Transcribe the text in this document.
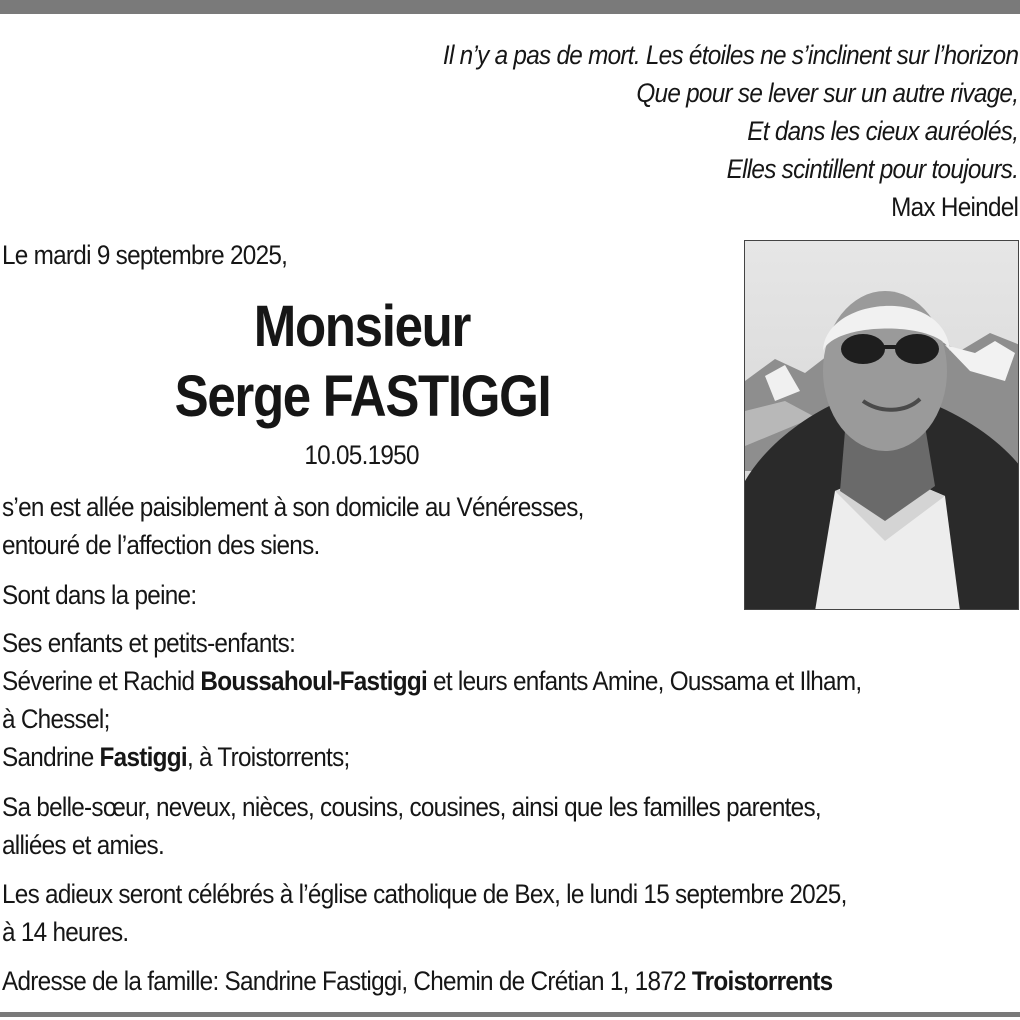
Il n’y a pas de mort. Les étoiles ne s’inclinent sur l’horizon
Que pour se lever sur un autre rivage,
Et dans les cieux auréolés,
Elles scintillent pour toujours.
Max Heindel
Le mardi 9 septembre 2025,
Monsieur
Serge FASTIGGI
10.05.1950
s’en est allée paisiblement à son domicile au Vénéresses,
entouré de l’affection des siens.
Sont dans la peine:
Ses enfants et petits-enfants:
Séverine et Rachid Boussahoul-Fastiggi et leurs enfants Amine, Oussama et Ilham,
à Chessel;
Sandrine Fastiggi, à Troistorrents;
Sa belle-sœur, neveux, nièces, cousins, cousines, ainsi que les familles parentes,
alliées et amies.
Les adieux seront célébrés à l’église catholique de Bex, le lundi 15 septembre 2025,
à 14 heures.
Adresse de la famille: Sandrine Fastiggi, Chemin de Crétian 1, 1872 Troistorrents
